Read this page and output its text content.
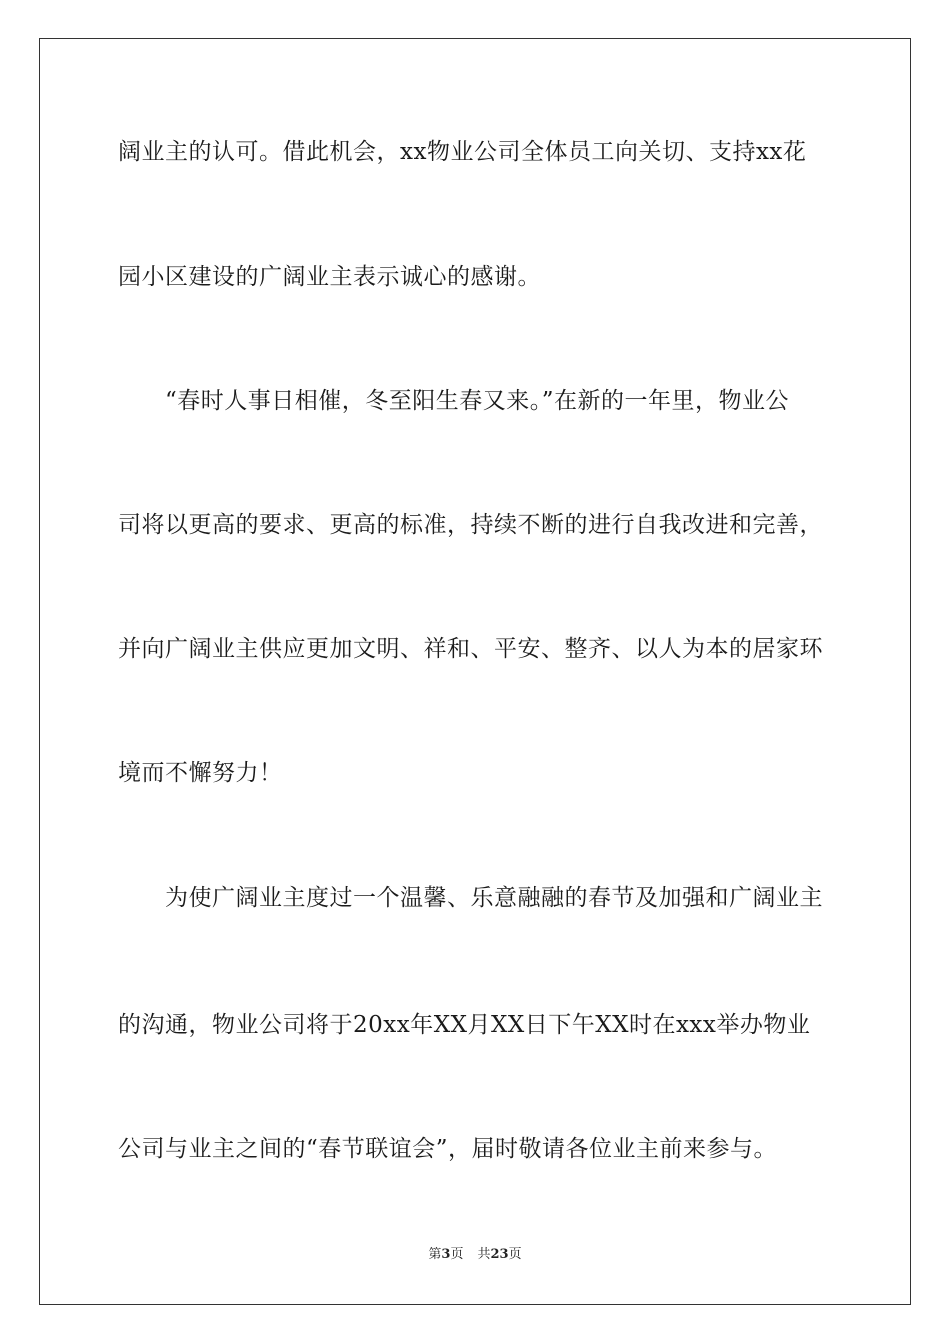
阔业主的认可。借此机会，xx物业公司全体员工向关切、支持xx花
园小区建设的广阔业主表示诚心的感谢。
“春时人事日相催，冬至阳生春又来。”在新的一年里，物业公
司将以更高的要求、更高的标准，持续不断的进行自我改进和完善，
并向广阔业主供应更加文明、祥和、平安、整齐、以人为本的居家环
境而不懈努力！
为使广阔业主度过一个温馨、乐意融融的春节及加强和广阔业主
的沟通，物业公司将于20xx年XX月XX日下午XX时在xxx举办物业
公司与业主之间的“春节联谊会”，届时敬请各位业主前来参与。
第3页 共23页
